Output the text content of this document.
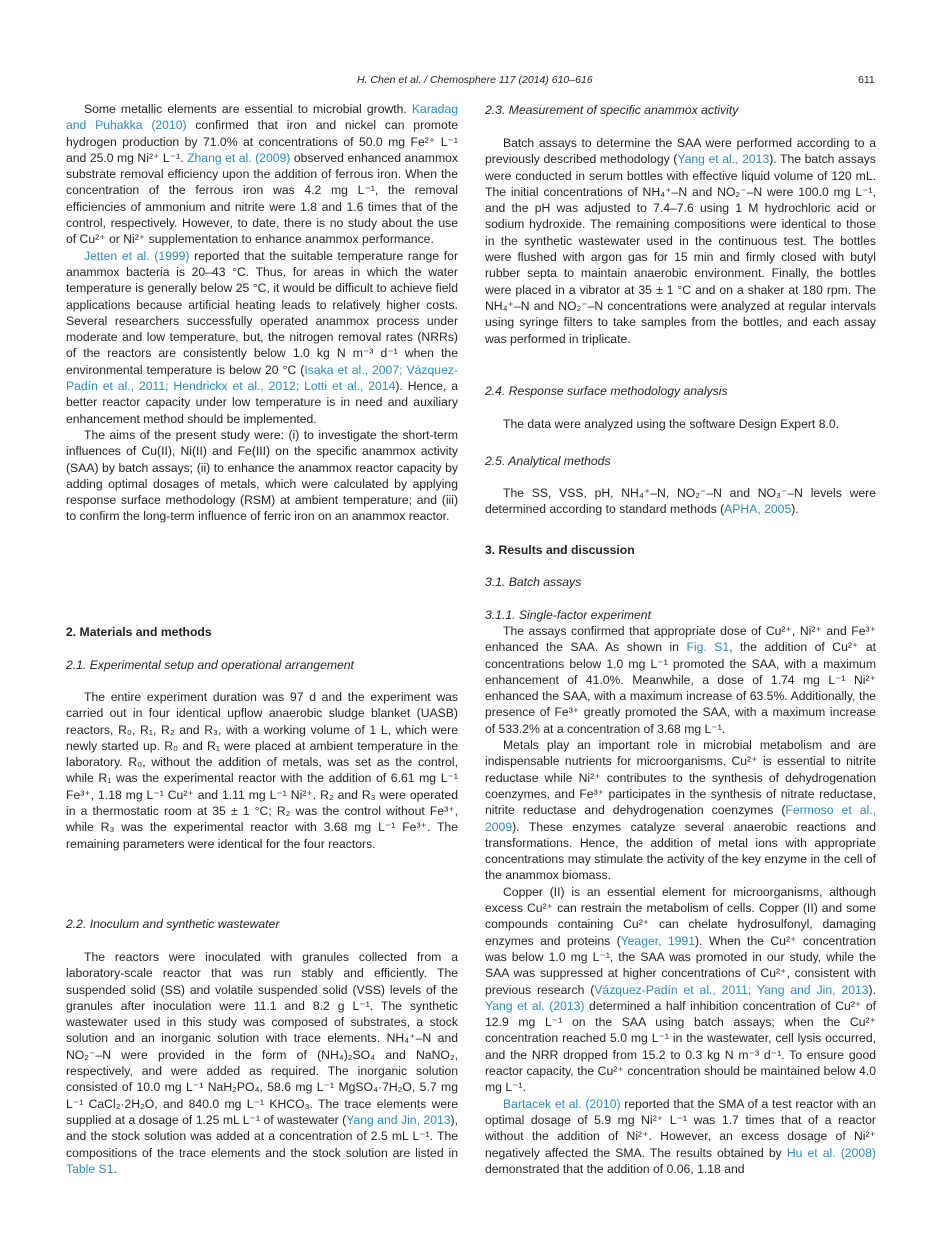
H. Chen et al. / Chemosphere 117 (2014) 610–616	611

Some metallic elements are essential to microbial growth. Karadag and Puhakka (2010) confirmed that iron and nickel can promote hydrogen production by 71.0% at concentrations of 50.0 mg Fe²⁺ L⁻¹ and 25.0 mg Ni²⁺ L⁻¹. Zhang et al. (2009) observed enhanced anammox substrate removal efficiency upon the addition of ferrous iron. When the concentration of the ferrous iron was 4.2 mg L⁻¹, the removal efficiencies of ammonium and nitrite were 1.8 and 1.6 times that of the control, respectively. However, to date, there is no study about the use of Cu²⁺ or Ni²⁺ supplementation to enhance anammox performance.

Jetten et al. (1999) reported that the suitable temperature range for anammox bacteria is 20–43 °C. Thus, for areas in which the water temperature is generally below 25 °C, it would be difficult to achieve field applications because artificial heating leads to relatively higher costs. Several researchers successfully operated anammox process under moderate and low temperature, but, the nitrogen removal rates (NRRs) of the reactors are consistently below 1.0 kg N m⁻³ d⁻¹ when the environmental temperature is below 20 °C (Isaka et al., 2007; Vázquez-Padín et al., 2011; Hendrickx et al., 2012; Lotti et al., 2014). Hence, a better reactor capacity under low temperature is in need and auxiliary enhancement method should be implemented.

The aims of the present study were: (i) to investigate the short-term influences of Cu(II), Ni(II) and Fe(III) on the specific anammox activity (SAA) by batch assays; (ii) to enhance the anammox reactor capacity by adding optimal dosages of metals, which were calculated by applying response surface methodology (RSM) at ambient temperature; and (iii) to confirm the long-term influence of ferric iron on an anammox reactor.

2. Materials and methods
2.1. Experimental setup and operational arrangement

The entire experiment duration was 97 d and the experiment was carried out in four identical upflow anaerobic sludge blanket (UASB) reactors, R₀, R₁, R₂ and R₃, with a working volume of 1 L, which were newly started up. R₀ and R₁ were placed at ambient temperature in the laboratory. R₀, without the addition of metals, was set as the control, while R₁ was the experimental reactor with the addition of 6.61 mg L⁻¹ Fe³⁺, 1.18 mg L⁻¹ Cu²⁺ and 1.11 mg L⁻¹ Ni²⁺. R₂ and R₃ were operated in a thermostatic room at 35 ± 1 °C; R₂ was the control without Fe³⁺, while R₃ was the experimental reactor with 3.68 mg L⁻¹ Fe³⁺. The remaining parameters were identical for the four reactors.

2.2. Inoculum and synthetic wastewater

The reactors were inoculated with granules collected from a laboratory-scale reactor that was run stably and efficiently. The suspended solid (SS) and volatile suspended solid (VSS) levels of the granules after inoculation were 11.1 and 8.2 g L⁻¹. The synthetic wastewater used in this study was composed of substrates, a stock solution and an inorganic solution with trace elements. NH₄⁺–N and NO₂⁻–N were provided in the form of (NH₄)₂SO₄ and NaNO₂, respectively, and were added as required. The inorganic solution consisted of 10.0 mg L⁻¹ NaH₂PO₄, 58.6 mg L⁻¹ MgSO₄·7H₂O, 5.7 mg L⁻¹ CaCl₂·2H₂O, and 840.0 mg L⁻¹ KHCO₃. The trace elements were supplied at a dosage of 1.25 mL L⁻¹ of wastewater (Yang and Jin, 2013), and the stock solution was added at a concentration of 2.5 mL L⁻¹. The compositions of the trace elements and the stock solution are listed in Table S1.

2.3. Measurement of specific anammox activity

Batch assays to determine the SAA were performed according to a previously described methodology (Yang et al., 2013). The batch assays were conducted in serum bottles with effective liquid volume of 120 mL. The initial concentrations of NH₄⁺–N and NO₂⁻–N were 100.0 mg L⁻¹, and the pH was adjusted to 7.4–7.6 using 1 M hydrochloric acid or sodium hydroxide. The remaining compositions were identical to those in the synthetic wastewater used in the continuous test. The bottles were flushed with argon gas for 15 min and firmly closed with butyl rubber septa to maintain anaerobic environment. Finally, the bottles were placed in a vibrator at 35 ± 1 °C and on a shaker at 180 rpm. The NH₄⁺–N and NO₂⁻–N concentrations were analyzed at regular intervals using syringe filters to take samples from the bottles, and each assay was performed in triplicate.

2.4. Response surface methodology analysis

The data were analyzed using the software Design Expert 8.0.

2.5. Analytical methods

The SS, VSS, pH, NH₄⁺–N, NO₂⁻–N and NO₃⁻–N levels were determined according to standard methods (APHA, 2005).

3. Results and discussion
3.1. Batch assays
3.1.1. Single-factor experiment

The assays confirmed that appropriate dose of Cu²⁺, Ni²⁺ and Fe³⁺ enhanced the SAA. As shown in Fig. S1, the addition of Cu²⁺ at concentrations below 1.0 mg L⁻¹ promoted the SAA, with a maximum enhancement of 41.0%. Meanwhile, a dose of 1.74 mg L⁻¹ Ni²⁺ enhanced the SAA, with a maximum increase of 63.5%. Additionally, the presence of Fe³⁺ greatly promoted the SAA, with a maximum increase of 533.2% at a concentration of 3.68 mg L⁻¹.

Metals play an important role in microbial metabolism and are indispensable nutrients for microorganisms. Cu²⁺ is essential to nitrite reductase while Ni²⁺ contributes to the synthesis of dehydrogenation coenzymes, and Fe³⁺ participates in the synthesis of nitrate reductase, nitrite reductase and dehydrogenation coenzymes (Fermoso et al., 2009). These enzymes catalyze several anaerobic reactions and transformations. Hence, the addition of metal ions with appropriate concentrations may stimulate the activity of the key enzyme in the cell of the anammox biomass.

Copper (II) is an essential element for microorganisms, although excess Cu²⁺ can restrain the metabolism of cells. Copper (II) and some compounds containing Cu²⁺ can chelate hydrosulfonyl, damaging enzymes and proteins (Yeager, 1991). When the Cu²⁺ concentration was below 1.0 mg L⁻¹, the SAA was promoted in our study, while the SAA was suppressed at higher concentrations of Cu²⁺, consistent with previous research (Vázquez-Padín et al., 2011; Yang and Jin, 2013). Yang et al. (2013) determined a half inhibition concentration of Cu²⁺ of 12.9 mg L⁻¹ on the SAA using batch assays; when the Cu²⁺ concentration reached 5.0 mg L⁻¹ in the wastewater, cell lysis occurred, and the NRR dropped from 15.2 to 0.3 kg N m⁻³ d⁻¹. To ensure good reactor capacity, the Cu²⁺ concentration should be maintained below 4.0 mg L⁻¹.

Bartacek et al. (2010) reported that the SMA of a test reactor with an optimal dosage of 5.9 mg Ni²⁺ L⁻¹ was 1.7 times that of a reactor without the addition of Ni²⁺. However, an excess dosage of Ni²⁺ negatively affected the SMA. The results obtained by Hu et al. (2008) demonstrated that the addition of 0.06, 1.18 and
